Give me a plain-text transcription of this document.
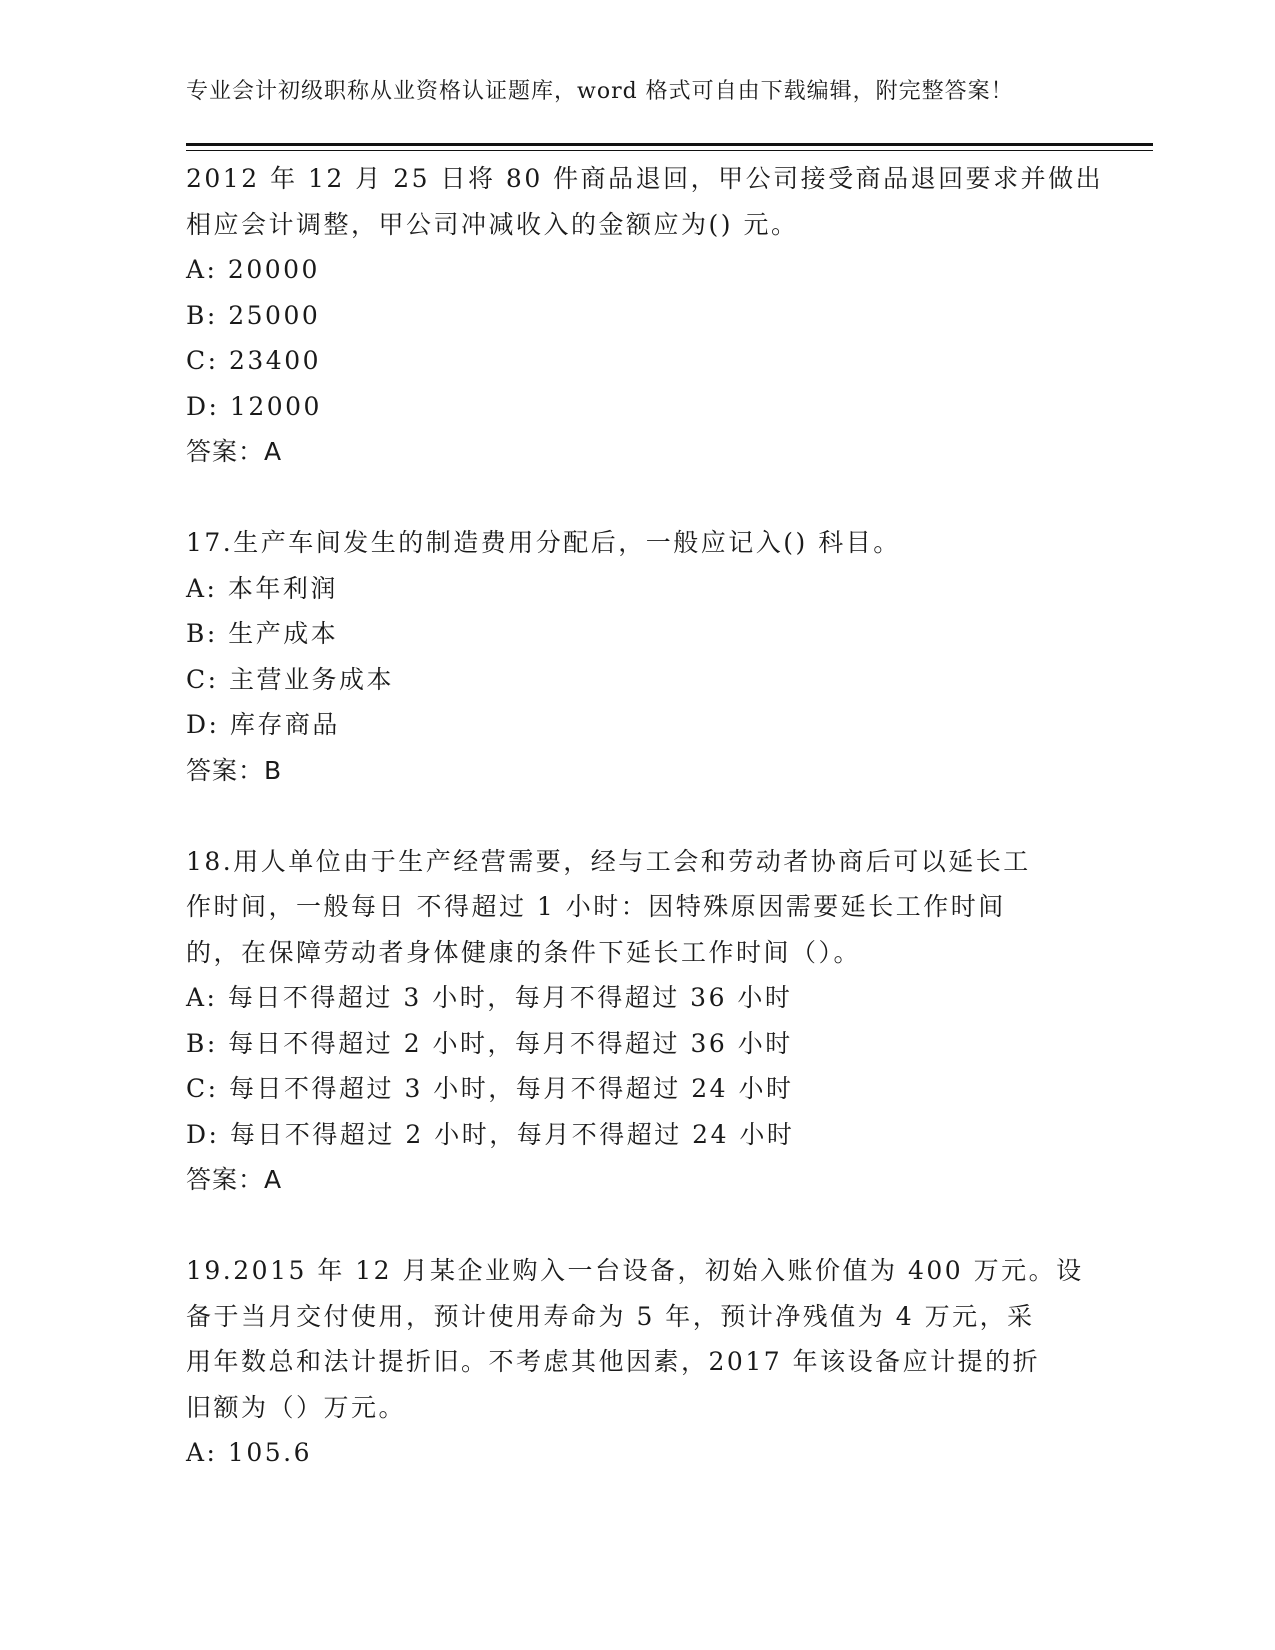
专业会计初级职称从业资格认证题库，word 格式可自由下载编辑，附完整答案！
2012 年 12 月 25 日将 80 件商品退回，甲公司接受商品退回要求并做出
相应会计调整，甲公司冲减收入的金额应为() 元。
A: 20000
B: 25000
C: 23400
D: 12000
答案：A
17.生产车间发生的制造费用分配后，一般应记入() 科目。
A: 本年利润
B: 生产成本
C: 主营业务成本
D: 库存商品
答案：B
18.用人单位由于生产经营需要，经与工会和劳动者协商后可以延长工
作时间，一般每日 不得超过 1 小时：因特殊原因需要延长工作时间
的，在保障劳动者身体健康的条件下延长工作时间（）。
A: 每日不得超过 3 小时，每月不得超过 36 小时
B: 每日不得超过 2 小时，每月不得超过 36 小时
C: 每日不得超过 3 小时，每月不得超过 24 小时
D: 每日不得超过 2 小时，每月不得超过 24 小时
答案：A
19.2015 年 12 月某企业购入一台设备，初始入账价值为 400 万元。设
备于当月交付使用，预计使用寿命为 5 年，预计净残值为 4 万元，采
用年数总和法计提折旧。不考虑其他因素，2017 年该设备应计提的折
旧额为（）万元。
A: 105.6
